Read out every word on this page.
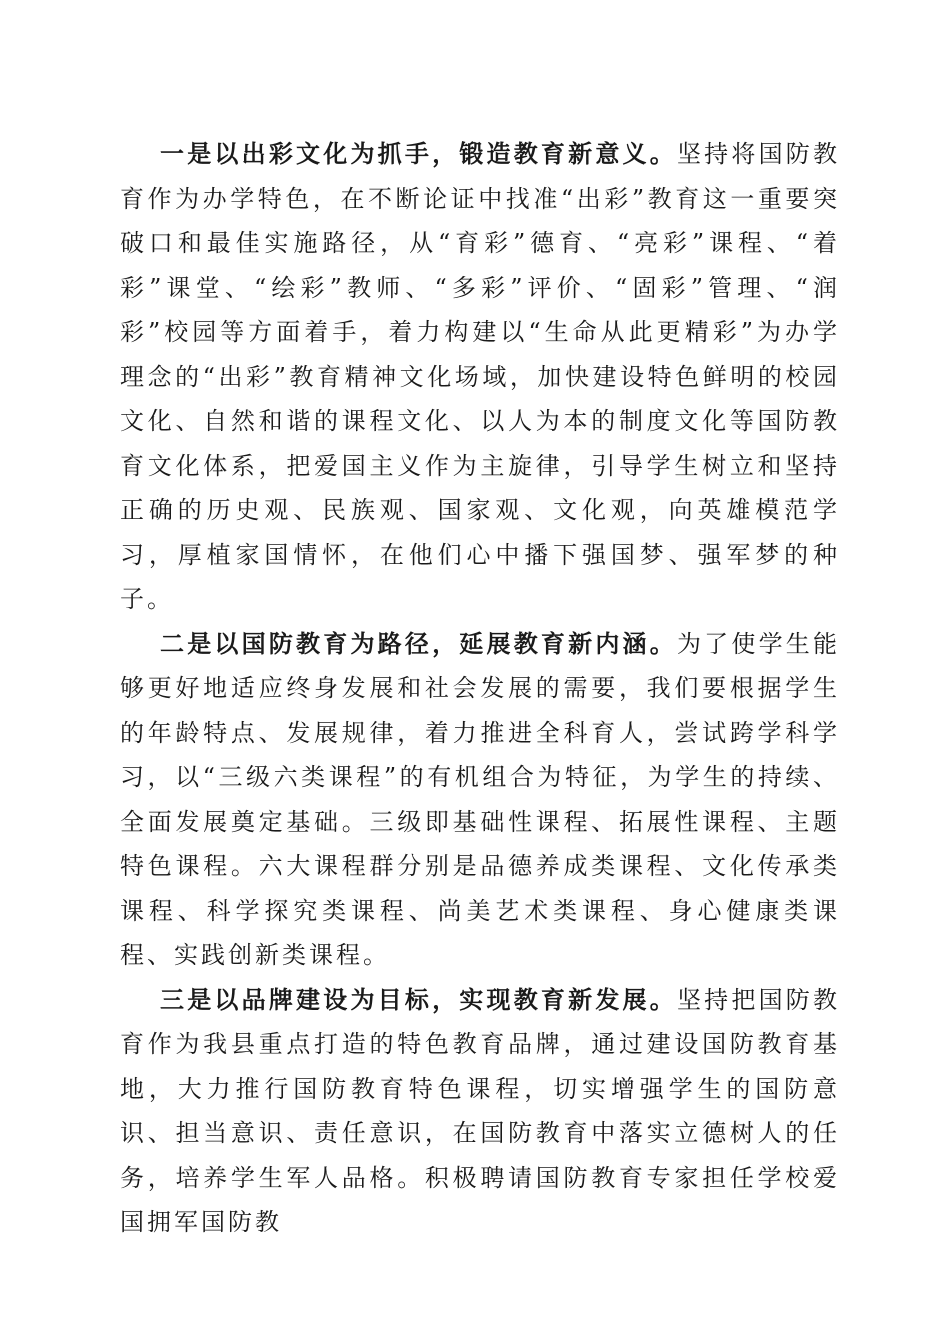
一是以出彩文化为抓手，锻造教育新意义。坚持将国防教育作为办学特色，在不断论证中找准“出彩”教育这一重要突破口和最佳实施路径，从“育彩”德育、“亮彩”课程、“着彩”课堂、“绘彩”教师、“多彩”评价、“固彩”管理、“润彩”校园等方面着手，着力构建以“生命从此更精彩”为办学理念的“出彩”教育精神文化场域，加快建设特色鲜明的校园文化、自然和谐的课程文化、以人为本的制度文化等国防教育文化体系，把爱国主义作为主旋律，引导学生树立和坚持正确的历史观、民族观、国家观、文化观，向英雄模范学习，厚植家国情怀，在他们心中播下强国梦、强军梦的种子。

二是以国防教育为路径，延展教育新内涵。为了使学生能够更好地适应终身发展和社会发展的需要，我们要根据学生的年龄特点、发展规律，着力推进全科育人，尝试跨学科学习，以“三级六类课程”的有机组合为特征，为学生的持续、全面发展奠定基础。三级即基础性课程、拓展性课程、主题特色课程。六大课程群分别是品德养成类课程、文化传承类课程、科学探究类课程、尚美艺术类课程、身心健康类课程、实践创新类课程。

三是以品牌建设为目标，实现教育新发展。坚持把国防教育作为我县重点打造的特色教育品牌，通过建设国防教育基地，大力推行国防教育特色课程，切实增强学生的国防意识、担当意识、责任意识，在国防教育中落实立德树人的任务，培养学生军人品格。积极聘请国防教育专家担任学校爱国拥军国防教
